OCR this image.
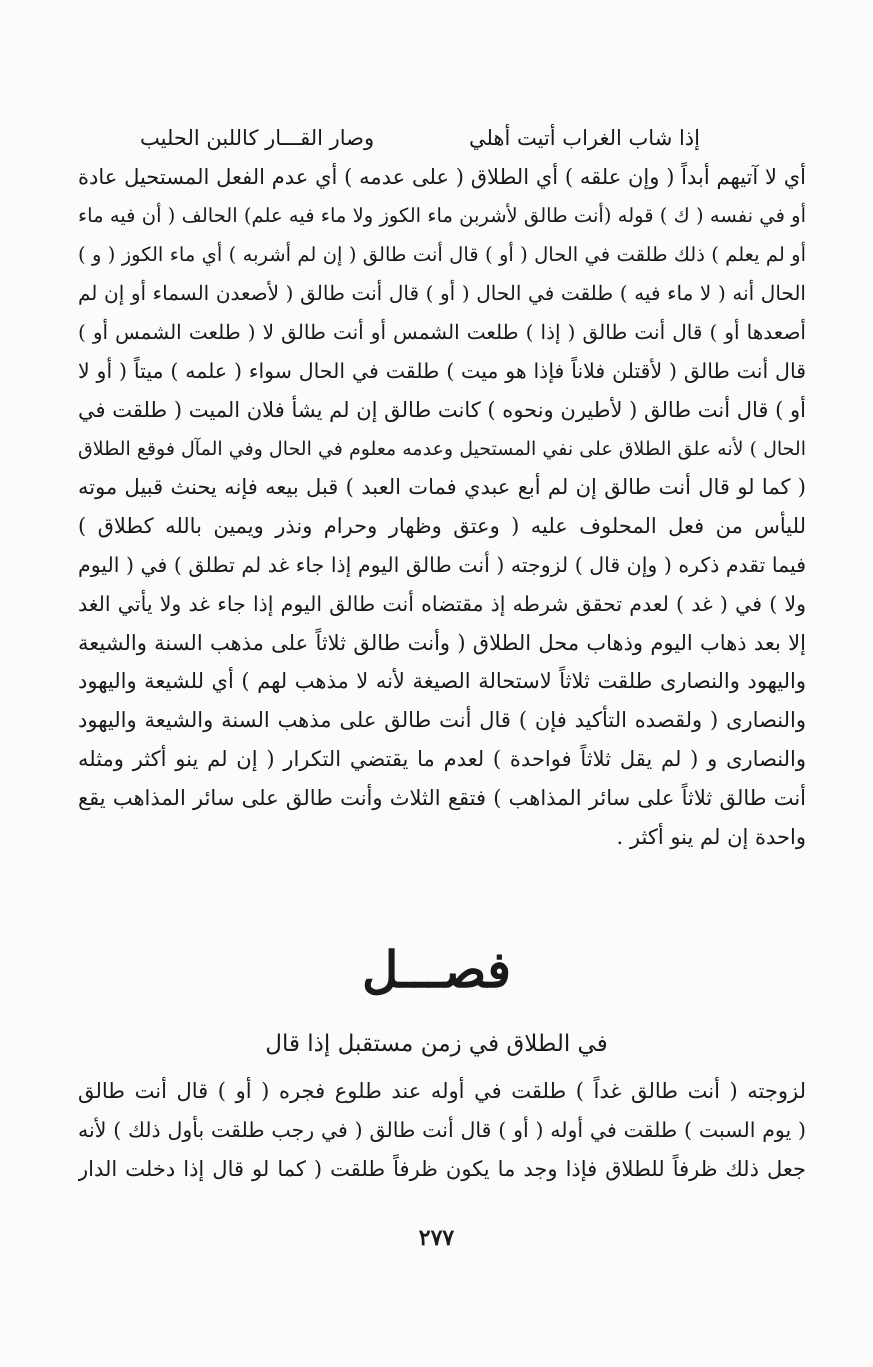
إذا شاب الغراب أتيت أهلي
وصار القـــار كاللبن الحليب
أي لا آتيهم أبداً ( وإن علقه ) أي الطلاق ( على عدمه ) أي عدم الفعل المستحيل عادة
أو في نفسه ( ك ) قوله (أنت طالق لأشربن ماء الكوز ولا ماء فيه علم) الحالف ( أن فيه ماء
أو لم يعلم ) ذلك طلقت في الحال ( أو ) قال أنت طالق ( إن لم أشربه ) أي ماء الكوز ( و )
الحال أنه ( لا ماء فيه ) طلقت في الحال ( أو ) قال أنت طالق ( لأصعدن السماء أو إن لم
أصعدها أو ) قال أنت طالق ( إذا ) طلعت الشمس أو أنت طالق لا ( طلعت الشمس أو )
قال أنت طالق ( لأقتلن فلاناً فإذا هو ميت ) طلقت في الحال سواء ( علمه ) ميتاً ( أو لا
أو ) قال أنت طالق ( لأطيرن ونحوه ) كانت طالق إن لم يشأ فلان الميت ( طلقت في
الحال ) لأنه علق الطلاق على نفي المستحيل وعدمه معلوم في الحال وفي المآل فوقع الطلاق
( كما لو قال أنت طالق إن لم أبع عبدي فمات العبد ) قبل بيعه فإنه يحنث قبيل موته
لليأس من فعل المحلوف عليه ( وعتق وظهار وحرام ونذر ويمين بالله كطلاق )
فيما تقدم ذكره ( وإن قال ) لزوجته ( أنت طالق اليوم إذا جاء غد لم تطلق ) في ( اليوم
ولا ) في ( غد ) لعدم تحقق شرطه إذ مقتضاه أنت طالق اليوم إذا جاء غد ولا يأتي الغد
إلا بعد ذهاب اليوم وذهاب محل الطلاق ( وأنت طالق ثلاثاً على مذهب السنة والشيعة
واليهود والنصارى طلقت ثلاثاً لاستحالة الصيغة لأنه لا مذهب لهم ) أي للشيعة واليهود
والنصارى ( ولقصده التأكيد فإن ) قال أنت طالق على مذهب السنة والشيعة واليهود
والنصارى و ( لم يقل ثلاثاً فواحدة ) لعدم ما يقتضي التكرار ( إن لم ينو أكثر ومثله
أنت طالق ثلاثاً على سائر المذاهب ) فتقع الثلاث وأنت طالق على سائر المذاهب يقع
واحدة إن لم ينو أكثر .
فصـــل
في الطلاق في زمن مستقبل إذا قال
لزوجته ( أنت طالق غداً ) طلقت في أوله عند طلوع فجره ( أو ) قال أنت طالق
( يوم السبت ) طلقت في أوله ( أو ) قال أنت طالق ( في رجب طلقت بأول ذلك ) لأنه
جعل ذلك ظرفاً للطلاق فإذا وجد ما يكون ظرفاً طلقت ( كما لو قال إذا دخلت الدار
٢٧٧
